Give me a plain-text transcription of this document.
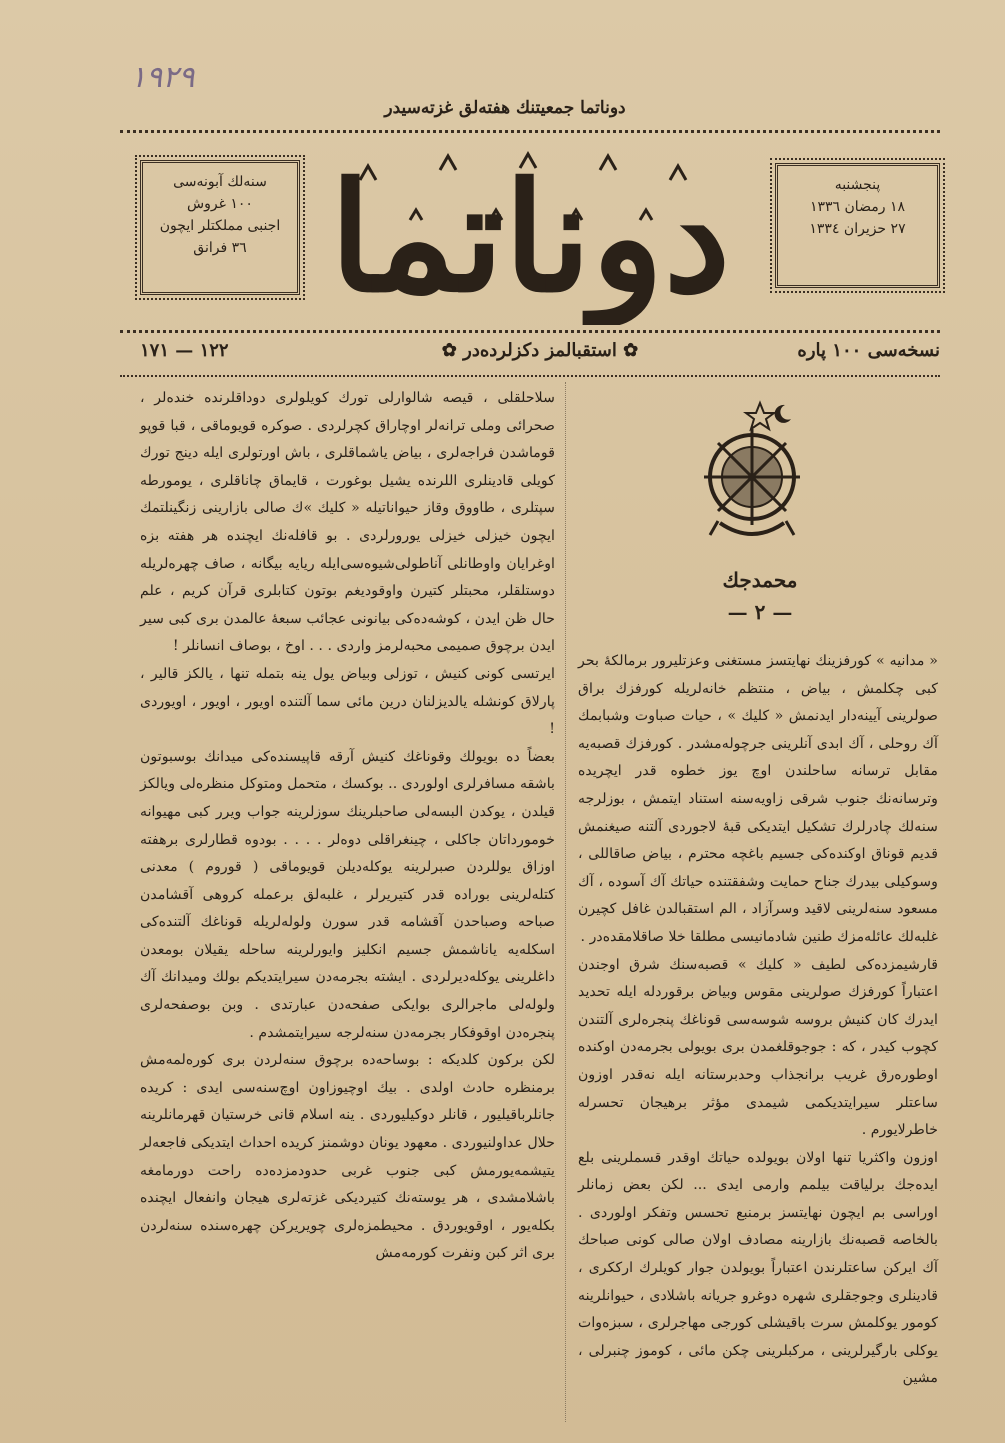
١٩٢٩
دوناتما جمعیتنك هفته‌لق غزته‌سیدر
سنه‌لك آبونه‌سی
١٠٠ غروش
اجنبی مملكتلر ایچون
٣٦ فرانق دوناتما	پنجشنبه
١٨ رمضان ١٣٣٦
٢٧ حزیران ١٣٣٤
١٢٢ — ١٧١	✿ استقبالمز دكزلرده‌در ✿	نسخه‌سی ١٠٠ پاره
محمدجك
— ٢ —

« مدانیه » كورفزینك نهایتسز مستغنی وعزتلیرور برمالكهٔ بحر كبی چكلمش ، بیاض ، منتظم خانه‌لریله كورفزك براق صولرینی آیینه‌دار ایدنمش « كلیك » ، حیات صباوت وشبابمك آك روحلی ، آك ابدی آنلرینی جرچوله‌مشدر . كورفزك قصبه‌یه مقابل ترسانه ساحلندن اوچ یوز خطوه قدر ایچریده وترسانه‌نك جنوب شرقی زاویه‌سنه استناد ایتمش ، بوزلرجه سنه‌لك چادرلرك تشكیل ایتدیكی قبهٔ لاجوردی آلتنه صیغنمش قدیم قوناق اوكنده‌كی جسیم باغچه محترم ، بیاض صاقاللی ، وسوكیلی بیدرك جناح حمایت وشفقتنده حیاتك آك آسوده ، آك مسعود سنه‌لرینی لاقید وسرآزاد ، الم استقبالدن غافل كچیرن غلبه‌لك عائله‌مزك طنین شادمانیسی مطلقا خلا صاقلامقده‌در .

قارشیمزده‌كی لطیف « كلیك » قصبه‌سنك شرق اوجندن اعتباراً كورفزك صولرینی مقوس وبیاض برقوردله ایله تحدید ایدرك كان كنیش بروسه شوسه‌سی قوناغك پنجره‌لری آلتندن كچوب كیدر ، كه : جوجوقلغمدن بری بویولی بجرمه‌دن اوكنده اوطوره‌رق غریب برانجذاب وحدبرستانه ایله نه‌قدر اوزون ساعتلر سیرایتدیكمی شیمدی مؤثر برهیجان تحسرله خاطرلایورم .

اوزون واكثریا تنها اولان بویولده حیاتك اوقدر قسملرینی بلع ایده‌جك برلیاقت بیلمم وارمی ایدی ... لكن بعض زمانلر اوراسی بم ایچون نهایتسز برمنبع تحسس وتفكر اولوردی . بالخاصه قصبه‌نك بازارینه مصادف اولان صالی كونی صباحك آك ایركن ساعتلرندن اعتباراً بویولدن جوار كویلرك ارككری ، قادینلری وجوجقلری شهره دوغرو جریانه باشلادی ، حیوانلرینه كومور یوكلمش سرت باقیشلی كورجی مهاجرلری ، سبزه‌وات یوكلی بارگیرلرینی ، مركبلرینی چكن مائی ، كوموز چنبرلی ، مشین

سلاحلقلی ، قیصه شالوارلی تورك كویلولری دوداقلرنده خنده‌لر ، صحرائی وملی ترانه‌لر اوچاراق كچرلردی . صوكره قویوماقی ، قبا قوپو قوماشدن فراجه‌لری ، بیاض یاشماقلری ، باش اورتولری ایله دینج تورك كویلی قادینلری اللرنده یشیل بوغورت ، قایماق چاناقلری ، یومورطه سپتلری ، طاووق وقاز حیواناتیله « كلیك »ك صالی بازارینی زنگینلتمك ایچون خیزلی خیزلی یورورلردی . بو قافله‌نك ایچنده هر هفته بزه اوغرایان واوطانلی آناطولی‌شیوه‌سی‌ایله ریایه بیگانه ، صاف چهره‌لریله دوستلقلر، محبتلر كتیرن واوقودیغم بوتون كتابلری قرآن كریم ، علم حال ظن ایدن ، كوشه‌ده‌كی بیانونی عجائب سبعهٔ عالمدن بری كبی سیر ایدن برچوق صمیمی محبه‌لرمز واردی . . . اوخ ، بوصاف انسانلر !

ایرتسی كونی كنیش ، توزلی وبیاض یول ینه بتمله تنها ، یالكز قالیر ، پارلاق كونشله یالدیزلنان درین مائی سما آلتنده اویور ، اویور ، اویوردی !

بعضاً ده بویولك وقوناغك كنیش آرقه قاپیسنده‌كی میدانك بوسبوتون باشقه مسافرلری اولوردی .. بوكسك ، متحمل ومتوكل منظره‌لی ویالكز قیلدن ، یوكدن البسه‌لی صاحبلرینك سوزلرینه جواب ویرر كبی مهیوانه خومورداتان جاكلی ، چینغراقلی دوه‌لر . . . . بودوه قطارلری برهفته اوزاق یوللردن صبرلرینه یوكله‌دیلن قویوماقی ( قوروم ) معدنی كتله‌لرینی بوراده قدر كتیریرلر ، غلبه‌لق برعمله كروهی آقشامدن صباحه وصباحدن آقشامه قدر سورن ولوله‌لریله قوناغك آلتنده‌كی اسكله‌یه یاناشمش جسیم انكلیز وایورلرینه ساحله یقیلان بومعدن داغلرینی یوكله‌دیرلردی . ایشته بجرمه‌دن سیرایتدیكم بولك ومیدانك آك ولوله‌لی ماجرالری بوایكی صفحه‌دن عبارتدی . وبن بوصفحه‌لری پنجره‌دن اوقوفكار بجرمه‌دن سنه‌لرجه سیرایتمشدم .

لكن بركون كلدیكه : بوساحه‌ده برچوق سنه‌لردن بری كوره‌لمه‌مش برمنظره حادث اولدی . بیك اوچیوزاون اوچ‌سنه‌سی ایدی : كریده جانلرباقیلیور ، قانلر دوكیلیوردی . ینه اسلام قانی خرستیان قهرمانلرینه حلال عداولنیوردی . معهود یونان دوشمنز كریده احداث ایتدیكی فاجعه‌لر یتیشمه‌یورمش كبی جنوب غربی حدودمزده‌ده راحت دورمامغه باشلامشدی ، هر یوسته‌نك كتیردیكی غزته‌لری هیجان وانفعال ایچنده بكله‌یور ، اوقویوردق . محیطمزه‌لری چویریركن چهره‌سنده سنه‌لردن بری اثر كبن ونفرت كورمه‌مش
